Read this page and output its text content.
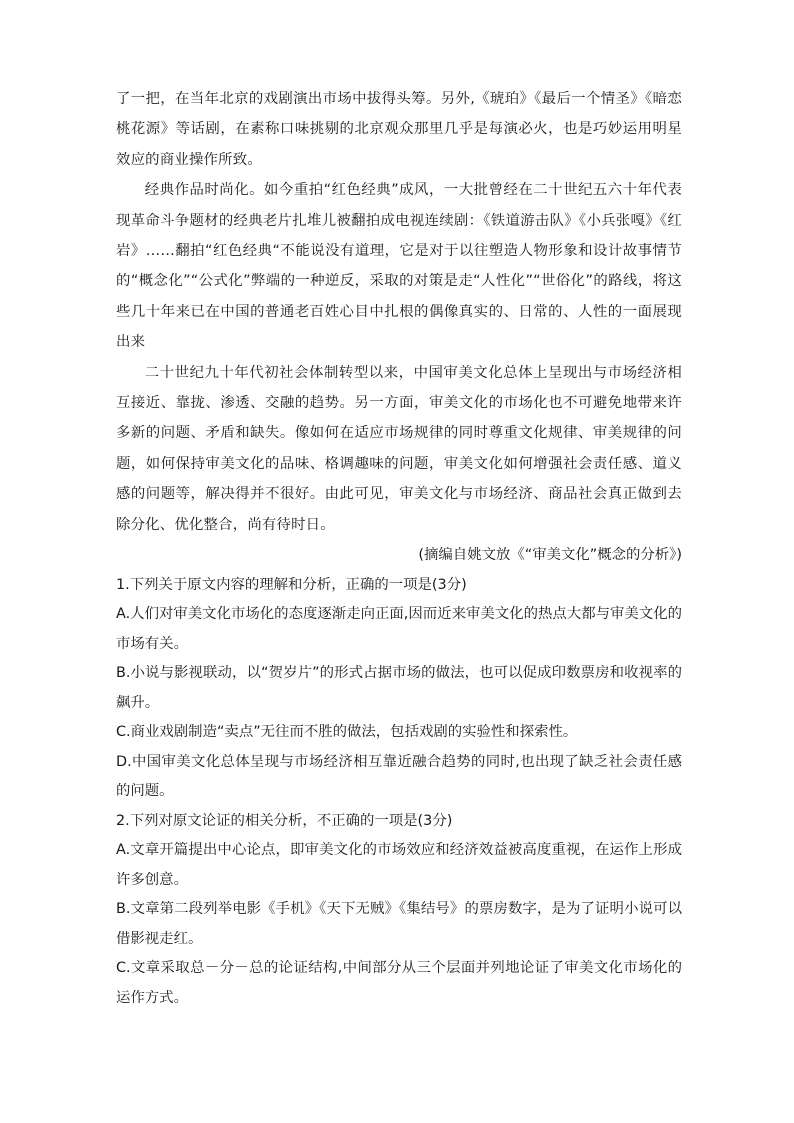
了一把，在当年北京的戏剧演出市场中拔得头筹。另外,《琥珀》《最后一个情圣》《暗恋桃花源》等话剧，在素称口味挑剔的北京观众那里几乎是每演必火，也是巧妙运用明星效应的商业操作所致。

经典作品时尚化。如今重拍“红色经典”成风，一大批曾经在二十世纪五六十年代表现革命斗争题材的经典老片扎堆儿被翻拍成电视连续剧：《铁道游击队》《小兵张嘎》《红岩》……翻拍“红色经典“不能说没有道理，它是对于以往塑造人物形象和设计故事情节的“概念化”“公式化”弊端的一种逆反，采取的对策是走“人性化”“世俗化”的路线，将这些几十年来已在中国的普通老百姓心目中扎根的偶像真实的、日常的、人性的一面展现出来

二十世纪九十年代初社会体制转型以来，中国审美文化总体上呈现出与市场经济相互接近、靠拢、渗透、交融的趋势。另一方面，审美文化的市场化也不可避免地带来许多新的问题、矛盾和缺失。像如何在适应市场规律的同时尊重文化规律、审美规律的问题，如何保持审美文化的品味、格调趣味的问题，审美文化如何增强社会责任感、道义感的问题等，解决得并不很好。由此可见，审美文化与市场经济、商品社会真正做到去除分化、优化整合，尚有待时日。

(摘编自姚文放《“审美文化”概念的分析》)

1.下列关于原文内容的理解和分析，正确的一项是(3分)

A.人们对审美文化市场化的态度逐渐走向正面,因而近来审美文化的热点大都与审美文化的市场有关。

B.小说与影视联动，以“贺岁片”的形式占据市场的做法，也可以促成印数票房和收视率的飙升。

C.商业戏剧制造“卖点”无往而不胜的做法，包括戏剧的实验性和探索性。

D.中国审美文化总体呈现与市场经济相互靠近融合趋势的同时,也出现了缺乏社会责任感的问题。

2.下列对原文论证的相关分析，不正确的一项是(3分)

A.文章开篇提出中心论点，即审美文化的市场效应和经济效益被高度重视，在运作上形成许多创意。

B.文章第二段列举电影《手机》《天下无贼》《集结号》的票房数字，是为了证明小说可以借影视走红。

C.文章采取总－分－总的论证结构,中间部分从三个层面并列地论证了审美文化市场化的运作方式。
